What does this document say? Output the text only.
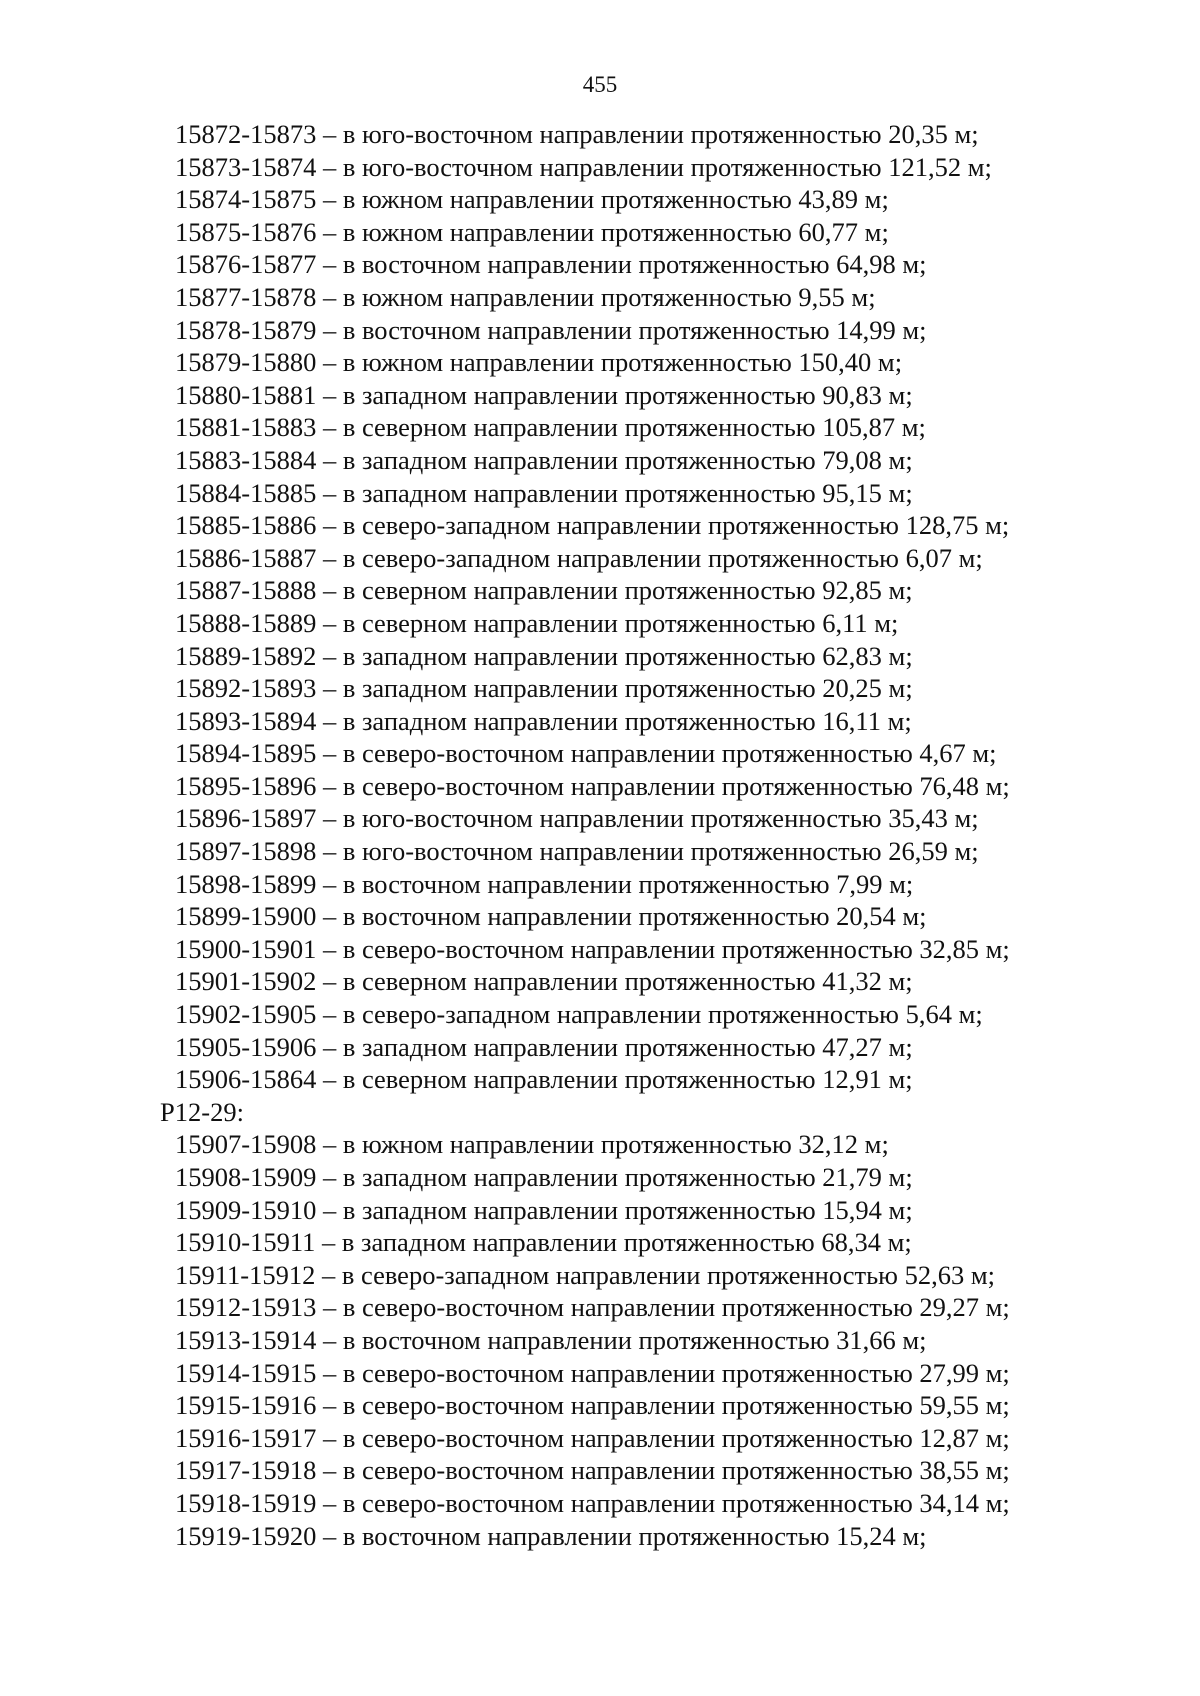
455
15872-15873 – в юго-восточном направлении протяженностью 20,35 м;
15873-15874 – в юго-восточном направлении протяженностью 121,52 м;
15874-15875 – в южном направлении протяженностью 43,89 м;
15875-15876 – в южном направлении протяженностью 60,77 м;
15876-15877 – в восточном направлении протяженностью 64,98 м;
15877-15878 – в южном направлении протяженностью 9,55 м;
15878-15879 – в восточном направлении протяженностью 14,99 м;
15879-15880 – в южном направлении протяженностью 150,40 м;
15880-15881 – в западном направлении протяженностью 90,83 м;
15881-15883 – в северном направлении протяженностью 105,87 м;
15883-15884 – в западном направлении протяженностью 79,08 м;
15884-15885 – в западном направлении протяженностью 95,15 м;
15885-15886 – в северо-западном направлении протяженностью 128,75 м;
15886-15887 – в северо-западном направлении протяженностью 6,07 м;
15887-15888 – в северном направлении протяженностью 92,85 м;
15888-15889 – в северном направлении протяженностью 6,11 м;
15889-15892 – в западном направлении протяженностью 62,83 м;
15892-15893 – в западном направлении протяженностью 20,25 м;
15893-15894 – в западном направлении протяженностью 16,11 м;
15894-15895 – в северо-восточном направлении протяженностью 4,67 м;
15895-15896 – в северо-восточном направлении протяженностью 76,48 м;
15896-15897 – в юго-восточном направлении протяженностью 35,43 м;
15897-15898 – в юго-восточном направлении протяженностью 26,59 м;
15898-15899 – в восточном направлении протяженностью 7,99 м;
15899-15900 – в восточном направлении протяженностью 20,54 м;
15900-15901 – в северо-восточном направлении протяженностью 32,85 м;
15901-15902 – в северном направлении протяженностью 41,32 м;
15902-15905 – в северо-западном направлении протяженностью 5,64 м;
15905-15906 – в западном направлении протяженностью 47,27 м;
15906-15864 – в северном направлении протяженностью 12,91 м;
Р12-29:
15907-15908 – в южном направлении протяженностью 32,12 м;
15908-15909 – в западном направлении протяженностью 21,79 м;
15909-15910 – в западном направлении протяженностью 15,94 м;
15910-15911 – в западном направлении протяженностью 68,34 м;
15911-15912 – в северо-западном направлении протяженностью 52,63 м;
15912-15913 – в северо-восточном направлении протяженностью 29,27 м;
15913-15914 – в восточном направлении протяженностью 31,66 м;
15914-15915 – в северо-восточном направлении протяженностью 27,99 м;
15915-15916 – в северо-восточном направлении протяженностью 59,55 м;
15916-15917 – в северо-восточном направлении протяженностью 12,87 м;
15917-15918 – в северо-восточном направлении протяженностью 38,55 м;
15918-15919 – в северо-восточном направлении протяженностью 34,14 м;
15919-15920 – в восточном направлении протяженностью 15,24 м;
